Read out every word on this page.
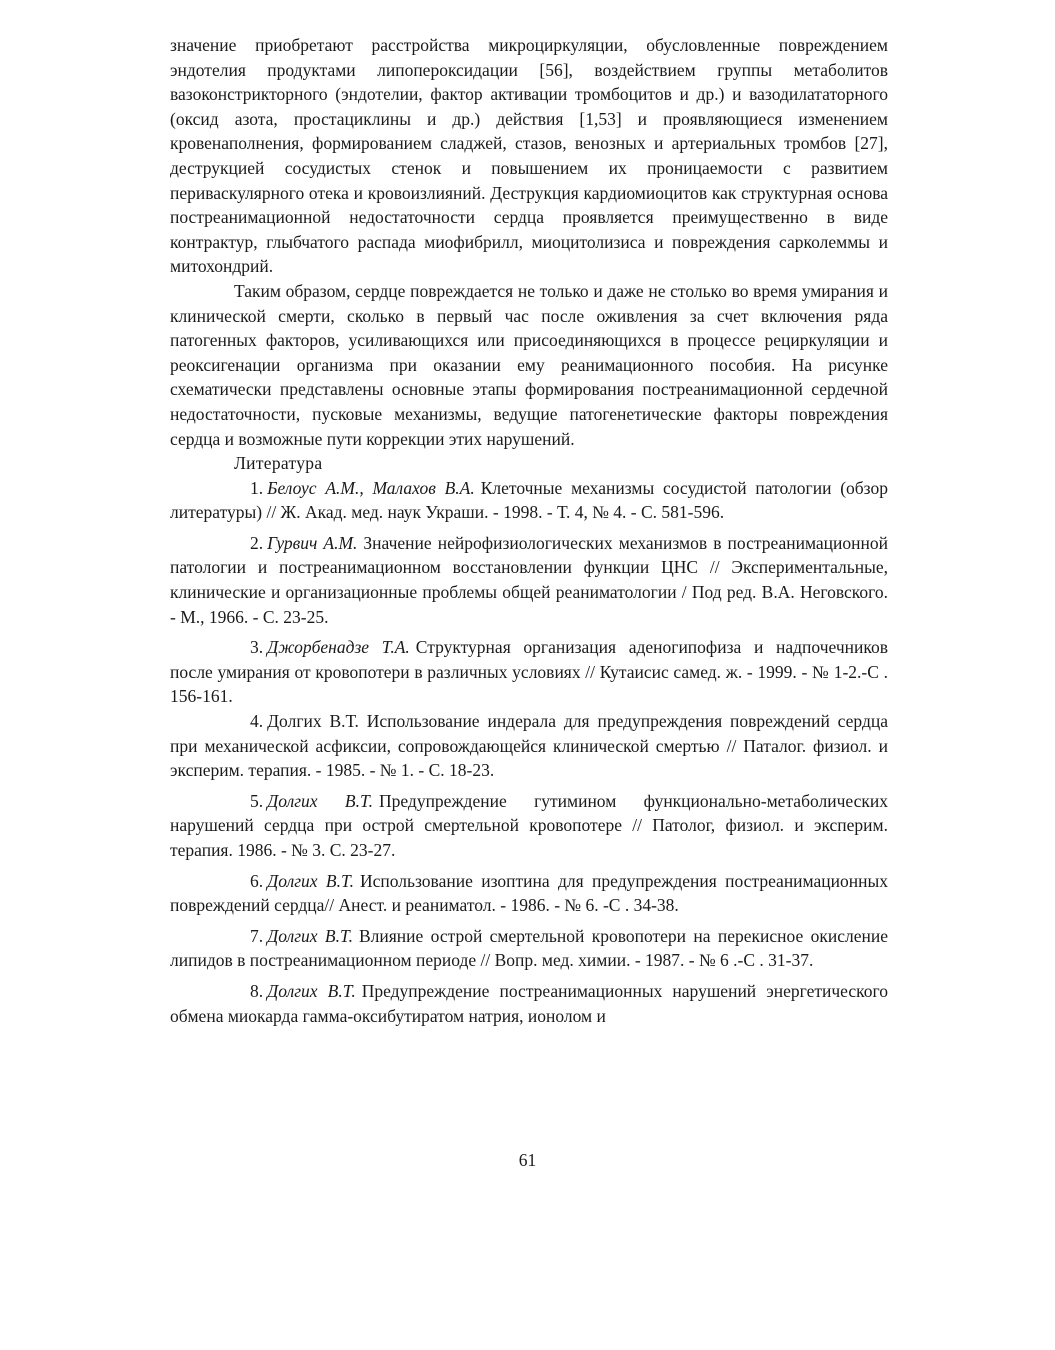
значение приобретают расстройства микроциркуляции, обусловленные повреждением эндотелия продуктами липопероксидации [56], воздействием группы метаболитов вазоконстрикторного (эндотелии, фактор активации тромбоцитов и др.) и вазодилататорного (оксид азота, простациклины и др.) действия [1,53] и проявляющиеся изменением кровенаполнения, формированием сладжей, стазов, венозных и артериальных тромбов [27], деструкцией сосудистых стенок и повышением их проницаемости с развитием периваскулярного отека и кровоизлияний. Деструкция кардиомиоцитов как структурная основа постреанимационной недостаточности сердца проявляется преимущественно в виде контрактур, глыбчатого распада миофибрилл, миоцитолизиса и повреждения сарколеммы и митохондрий.

Таким образом, сердце повреждается не только и даже не столько во время умирания и клинической смерти, сколько в первый час после оживления за счет включения ряда патогенных факторов, усиливающихся или присоединяющихся в процессе рециркуляции и реоксигенации организма при оказании ему реанимационного пособия. На рисунке схематически представлены основные этапы формирования постреанимационной сердечной недостаточности, пусковые механизмы, ведущие патогенетические факторы повреждения сердца и возможные пути коррекции этих нарушений.

Литература

1. Белоус А.М., Малахов В.А. Клеточные механизмы сосудистой патологии (обзор литературы) // Ж. Акад. мед. наук Украши. - 1998. - Т. 4, № 4. - С. 581-596.

2. Гурвич А.М. Значение нейрофизиологических механизмов в постреанимационной патологии и постреанимационном восстановлении функции ЦНС // Экспериментальные, клинические и организационные проблемы общей реаниматологии / Под ред. В.А. Неговского. - М., 1966. - С. 23-25.

3. Джорбенадзе Т.А. Структурная организация аденогипофиза и надпочечников после умирания от кровопотери в различных условиях // Кутаисис самед. ж. - 1999. - № 1-2.-С . 156-161.

4. Долгих В.Т. Использование индерала для предупреждения повреждений сердца при механической асфиксии, сопровождающейся клинической смертью // Паталог. физиол. и эксперим. терапия. - 1985. - № 1. - С. 18-23.

5. Долгих В.Т. Предупреждение гутимином функционально-метаболических нарушений сердца при острой смертельной кровопотере // Патолог, физиол. и эксперим. терапия. 1986. - № 3. С. 23-27.

6. Долгих В.Т. Использование изоптина для предупреждения постреанимационных повреждений сердца// Анест. и реаниматол. - 1986. - № 6. -С . 34-38.

7. Долгих В.Т. Влияние острой смертельной кровопотери на перекисное окисление липидов в постреанимационном периоде // Вопр. мед. химии. - 1987. - № 6 .-С . 31-37.

8. Долгих В.Т. Предупреждение постреанимационных нарушений энергетического обмена миокарда гамма-оксибутиратом натрия, ионолом и

61
